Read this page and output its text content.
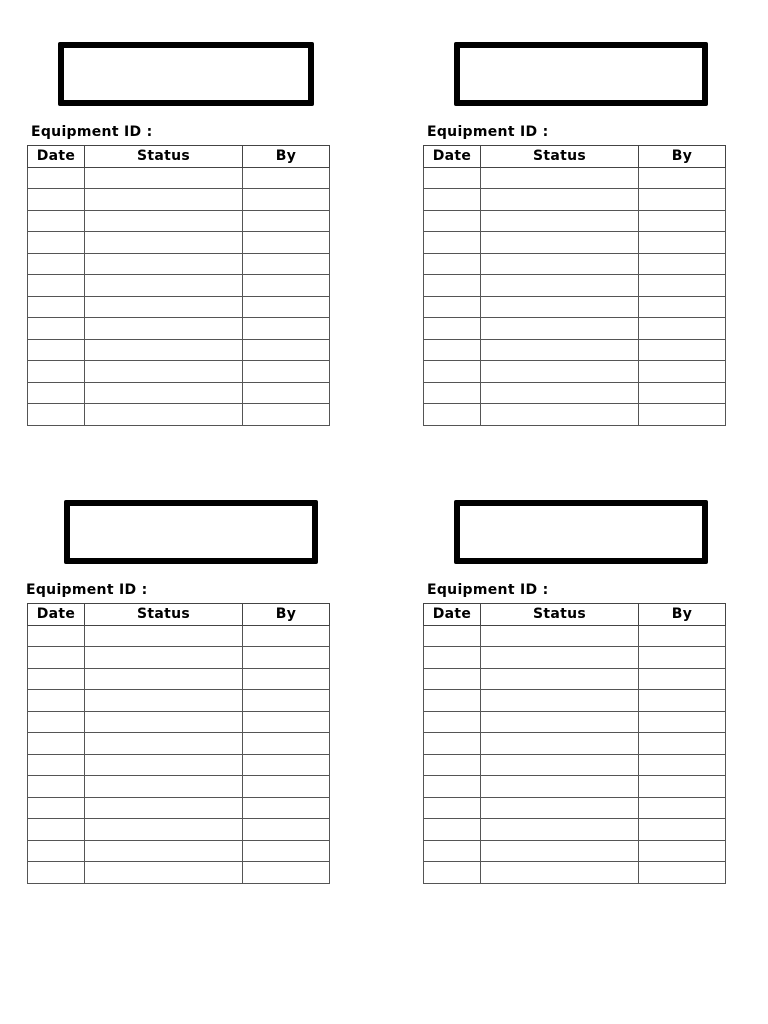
Equipment ID :
Date	Status	By

Equipment ID :
Date	Status	By

Equipment ID :
Date	Status	By

Equipment ID :
Date	Status	By
